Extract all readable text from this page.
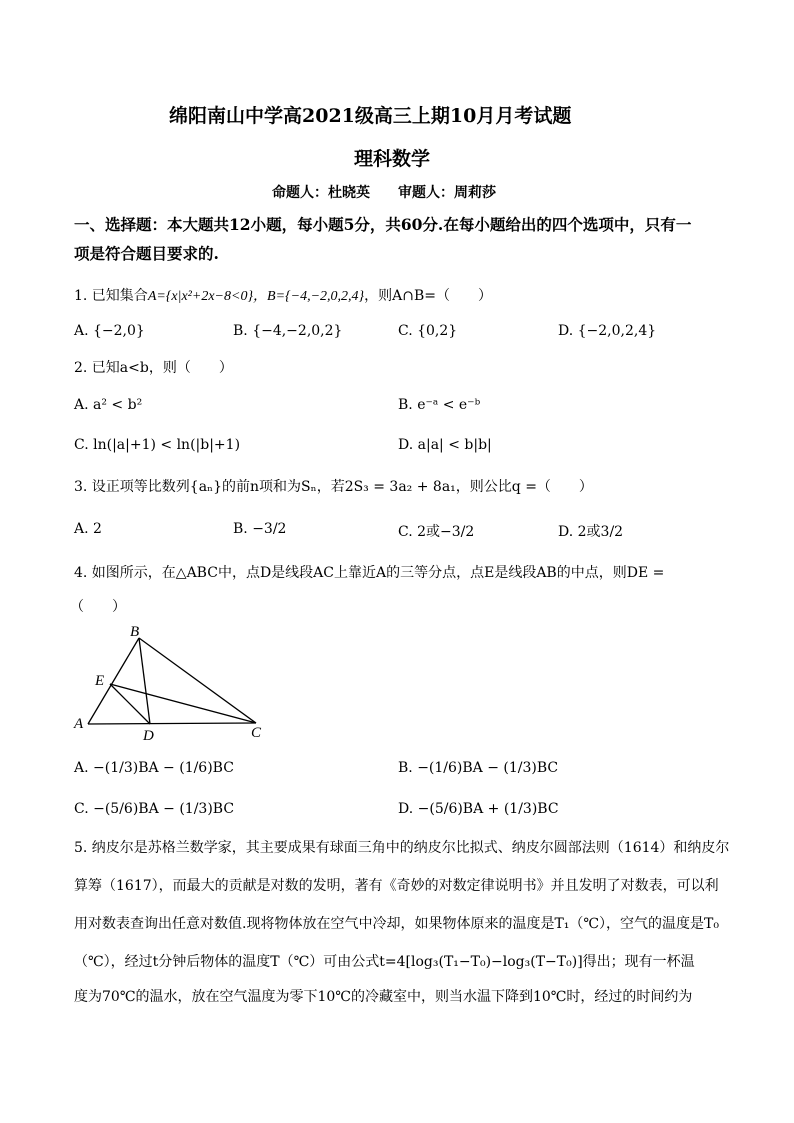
绵阳南山中学高2021级高三上期10月月考试题
理科数学
命题人：杜晓英　　审题人：周莉莎
一、选择题：本大题共12小题，每小题5分，共60分.在每小题给出的四个选项中，只有一
项是符合题目要求的.
1. 已知集合A={x|x²+2x−8<0}，B={−4,−2,0,2,4}，则A∩B=（　　）
A. {−2,0}	B. {−4,−2,0,2}	C. {0,2}	D. {−2,0,2,4}
2. 已知a<b，则（　　）
A. a² < b²	B. e⁻ᵃ < e⁻ᵇ
C. ln(|a|+1) < ln(|b|+1)	D. a|a| < b|b|
3. 设正项等比数列{aₙ}的前n项和为Sₙ，若2S₃ = 3a₂ + 8a₁，则公比q =（　　）
A. 2	B. −3/2	C. 2或−3/2	D. 2或3/2
4. 如图所示，在△ABC中，点D是线段AC上靠近A的三等分点，点E是线段AB的中点，则DE =
（　　）
B
E
A
D	C
A. −(1/3)BA − (1/6)BC	B. −(1/6)BA − (1/3)BC
C. −(5/6)BA − (1/3)BC	D. −(5/6)BA + (1/3)BC
5. 纳皮尔是苏格兰数学家，其主要成果有球面三角中的纳皮尔比拟式、纳皮尔圆部法则（1614）和纳皮尔
算筹（1617），而最大的贡献是对数的发明，著有《奇妙的对数定律说明书》并且发明了对数表，可以利
用对数表查询出任意对数值.现将物体放在空气中冷却，如果物体原来的温度是T₁（℃），空气的温度是T₀
（℃），经过t分钟后物体的温度T（℃）可由公式t=4[log₃(T₁−T₀)−log₃(T−T₀)]得出；现有一杯温
度为70℃的温水，放在空气温度为零下10℃的冷藏室中，则当水温下降到10℃时，经过的时间约为
